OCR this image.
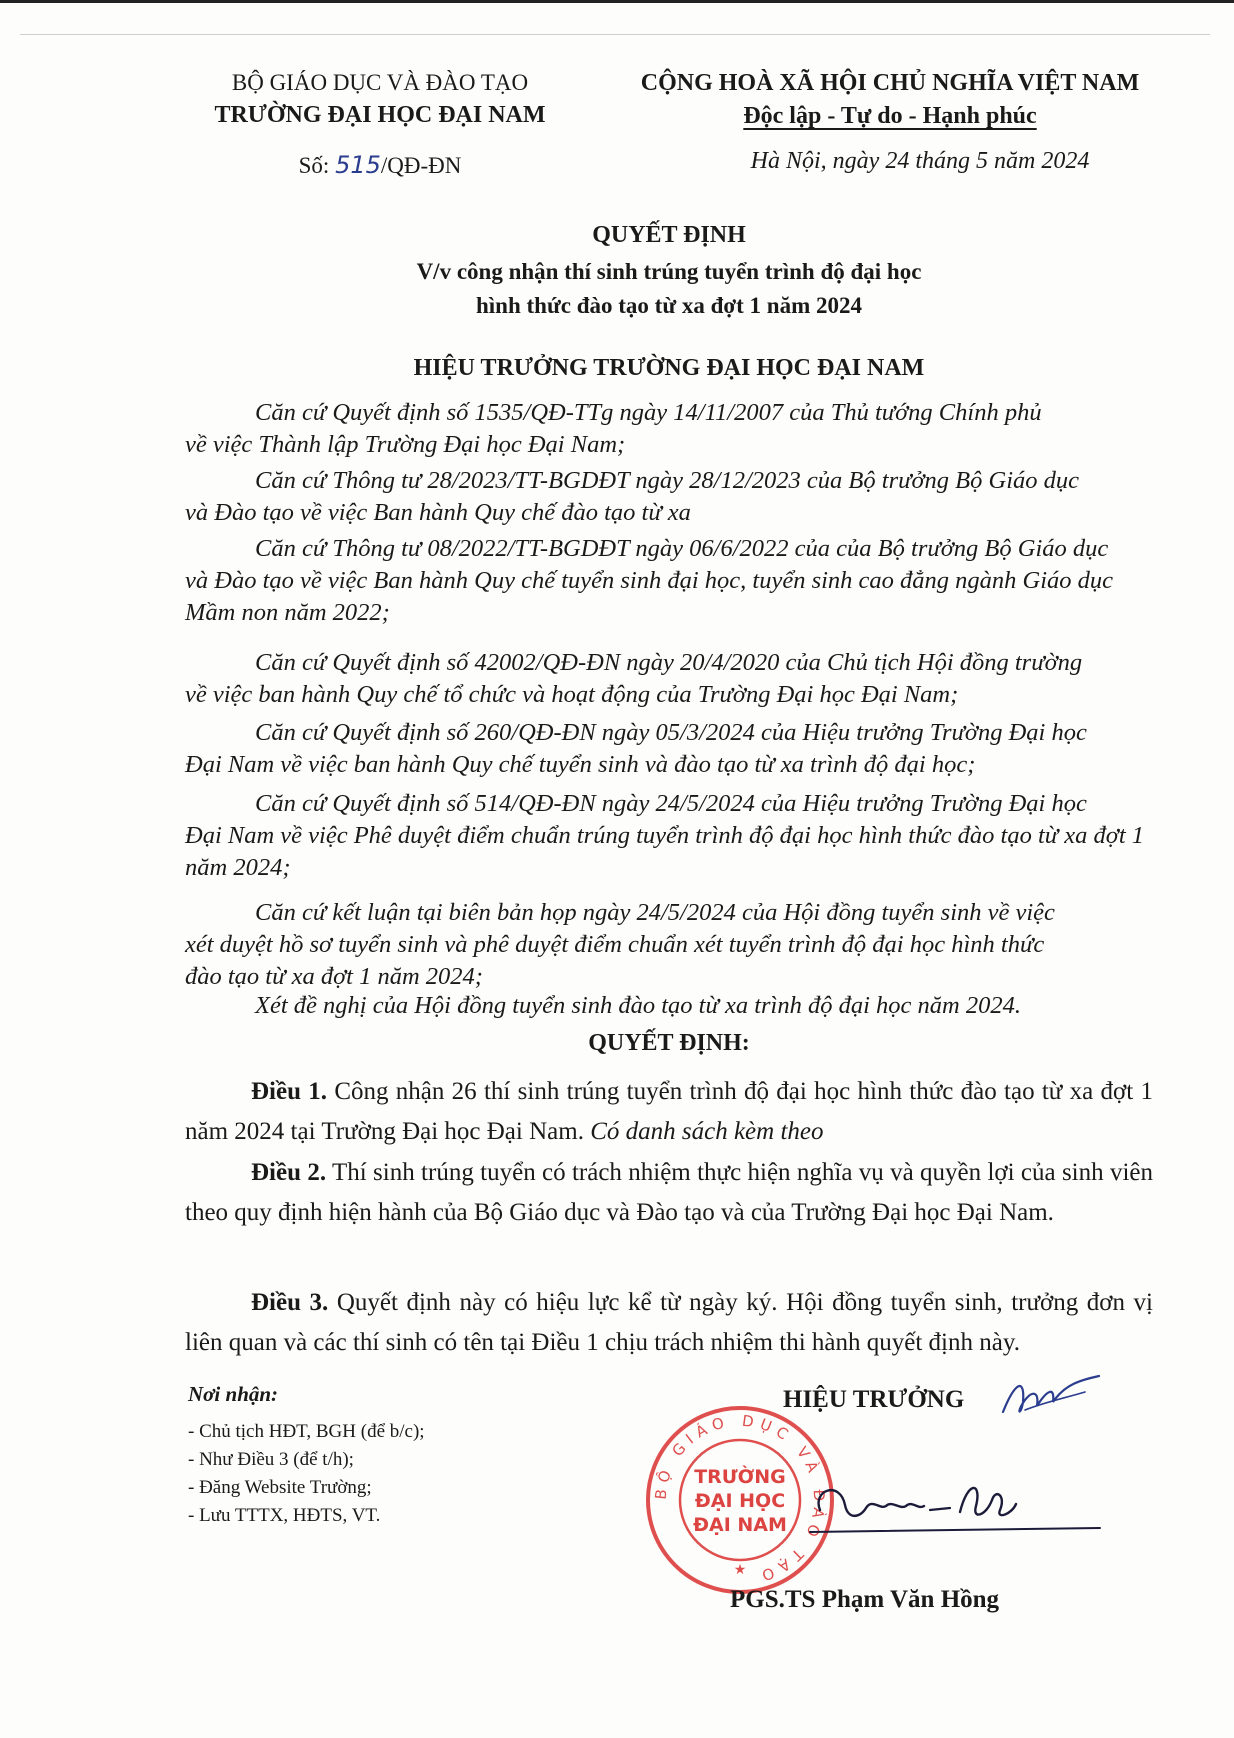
BỘ GIÁO DỤC VÀ ĐÀO TẠO
TRƯỜNG ĐẠI HỌC ĐẠI NAM
Số: 515/QĐ-ĐN
CỘNG HOÀ XÃ HỘI CHỦ NGHĨA VIỆT NAM
Độc lập - Tự do - Hạnh phúc
Hà Nội, ngày 24 tháng 5 năm 2024
QUYẾT ĐỊNH
V/v công nhận thí sinh trúng tuyển trình độ đại học
hình thức đào tạo từ xa đợt 1 năm 2024
HIỆU TRƯỞNG TRƯỜNG ĐẠI HỌC ĐẠI NAM
Căn cứ Quyết định số 1535/QĐ-TTg ngày 14/11/2007 của Thủ tướng Chính phủ
về việc Thành lập Trường Đại học Đại Nam;
Căn cứ Thông tư 28/2023/TT-BGDĐT ngày 28/12/2023 của Bộ trưởng Bộ Giáo dục
và Đào tạo về việc Ban hành Quy chế đào tạo từ xa
Căn cứ Thông tư 08/2022/TT-BGDĐT ngày 06/6/2022 của của Bộ trưởng Bộ Giáo dục
và Đào tạo về việc Ban hành Quy chế tuyển sinh đại học, tuyển sinh cao đẳng ngành Giáo dục
Mầm non năm 2022;
Căn cứ Quyết định số 42002/QĐ-ĐN ngày 20/4/2020 của Chủ tịch Hội đồng trường
về việc ban hành Quy chế tổ chức và hoạt động của Trường Đại học Đại Nam;
Căn cứ Quyết định số 260/QĐ-ĐN ngày 05/3/2024 của Hiệu trưởng Trường Đại học
Đại Nam về việc ban hành Quy chế tuyển sinh và đào tạo từ xa trình độ đại học;
Căn cứ Quyết định số 514/QĐ-ĐN ngày 24/5/2024 của Hiệu trưởng Trường Đại học
Đại Nam về việc Phê duyệt điểm chuẩn trúng tuyển trình độ đại học hình thức đào tạo từ xa đợt 1
năm 2024;
Căn cứ kết luận tại biên bản họp ngày 24/5/2024 của Hội đồng tuyển sinh về việc
xét duyệt hồ sơ tuyển sinh và phê duyệt điểm chuẩn xét tuyển trình độ đại học hình thức
đào tạo từ xa đợt 1 năm 2024;
Xét đề nghị của Hội đồng tuyển sinh đào tạo từ xa trình độ đại học năm 2024.
QUYẾT ĐỊNH:
Điều 1. Công nhận 26 thí sinh trúng tuyển trình độ đại học hình thức đào tạo từ xa đợt 1 năm 2024 tại Trường Đại học Đại Nam. Có danh sách kèm theo
Điều 2. Thí sinh trúng tuyển có trách nhiệm thực hiện nghĩa vụ và quyền lợi của sinh viên theo quy định hiện hành của Bộ Giáo dục và Đào tạo và của Trường Đại học Đại Nam.
Điều 3. Quyết định này có hiệu lực kể từ ngày ký. Hội đồng tuyển sinh, trưởng đơn vị liên quan và các thí sinh có tên tại Điều 1 chịu trách nhiệm thi hành quyết định này.
Nơi nhận:
- Chủ tịch HĐT, BGH (để b/c);
- Như Điều 3 (để t/h);
- Đăng Website Trường;
- Lưu TTTX, HĐTS, VT.
HIỆU TRƯỞNG
BỘ GIÁO DỤC VÀ ĐÀO TẠO
TRƯỜNG
ĐẠI HỌC
ĐẠI NAM
★
PGS.TS Phạm Văn Hồng
